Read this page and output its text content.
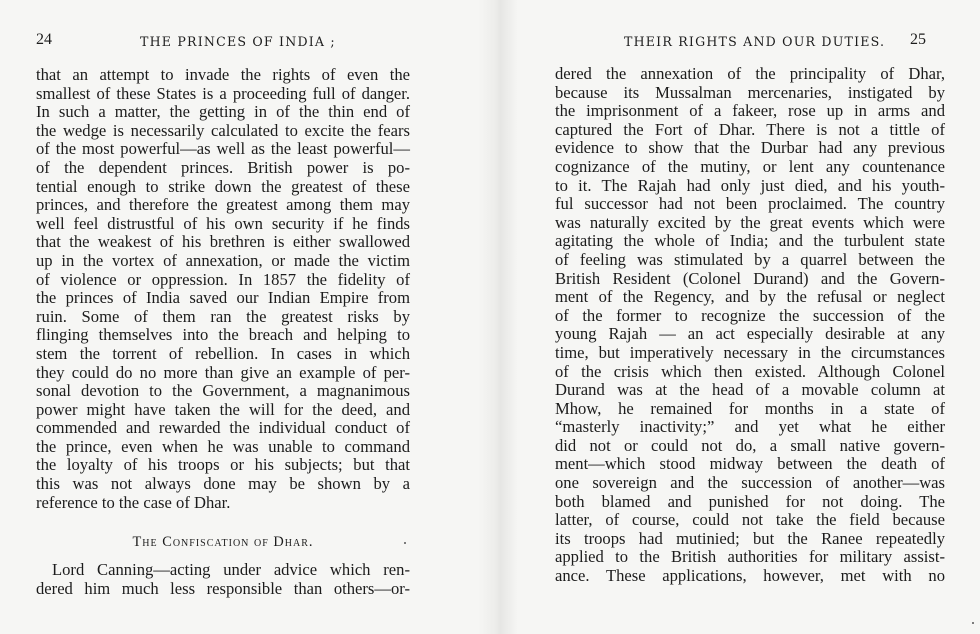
24	THE PRINCES OF INDIA ;
that an attempt to invade the rights of even the
smallest of these States is a proceeding full of danger.
In such a matter, the getting in of the thin end of
the wedge is necessarily calculated to excite the fears
of the most powerful—as well as the least powerful—
of the dependent princes. British power is po-
tential enough to strike down the greatest of these
princes, and therefore the greatest among them may
well feel distrustful of his own security if he finds
that the weakest of his brethren is either swallowed
up in the vortex of annexation, or made the victim
of violence or oppression. In 1857 the fidelity of
the princes of India saved our Indian Empire from
ruin. Some of them ran the greatest risks by
flinging themselves into the breach and helping to
stem the torrent of rebellion. In cases in which
they could do no more than give an example of per-
sonal devotion to the Government, a magnanimous
power might have taken the will for the deed, and
commended and rewarded the individual conduct of
the prince, even when he was unable to command
the loyalty of his troops or his subjects; but that
this was not always done may be shown by a
reference to the case of Dhar.
The Confiscation of Dhar.
Lord Canning—acting under advice which ren-
dered him much less responsible than others—or-
THEIR RIGHTS AND OUR DUTIES. 25
dered the annexation of the principality of Dhar,
because its Mussalman mercenaries, instigated by
the imprisonment of a fakeer, rose up in arms and
captured the Fort of Dhar. There is not a tittle of
evidence to show that the Durbar had any previous
cognizance of the mutiny, or lent any countenance
to it. The Rajah had only just died, and his youth-
ful successor had not been proclaimed. The country
was naturally excited by the great events which were
agitating the whole of India; and the turbulent state
of feeling was stimulated by a quarrel between the
British Resident (Colonel Durand) and the Govern-
ment of the Regency, and by the refusal or neglect
of the former to recognize the succession of the
young Rajah — an act especially desirable at any
time, but imperatively necessary in the circumstances
of the crisis which then existed. Although Colonel
Durand was at the head of a movable column at
Mhow, he remained for months in a state of
“masterly inactivity;” and yet what he either
did not or could not do, a small native govern-
ment—which stood midway between the death of
one sovereign and the succession of another—was
both blamed and punished for not doing. The
latter, of course, could not take the field because
its troops had mutinied; but the Ranee repeatedly
applied to the British authorities for military assist-
ance. These applications, however, met with no
